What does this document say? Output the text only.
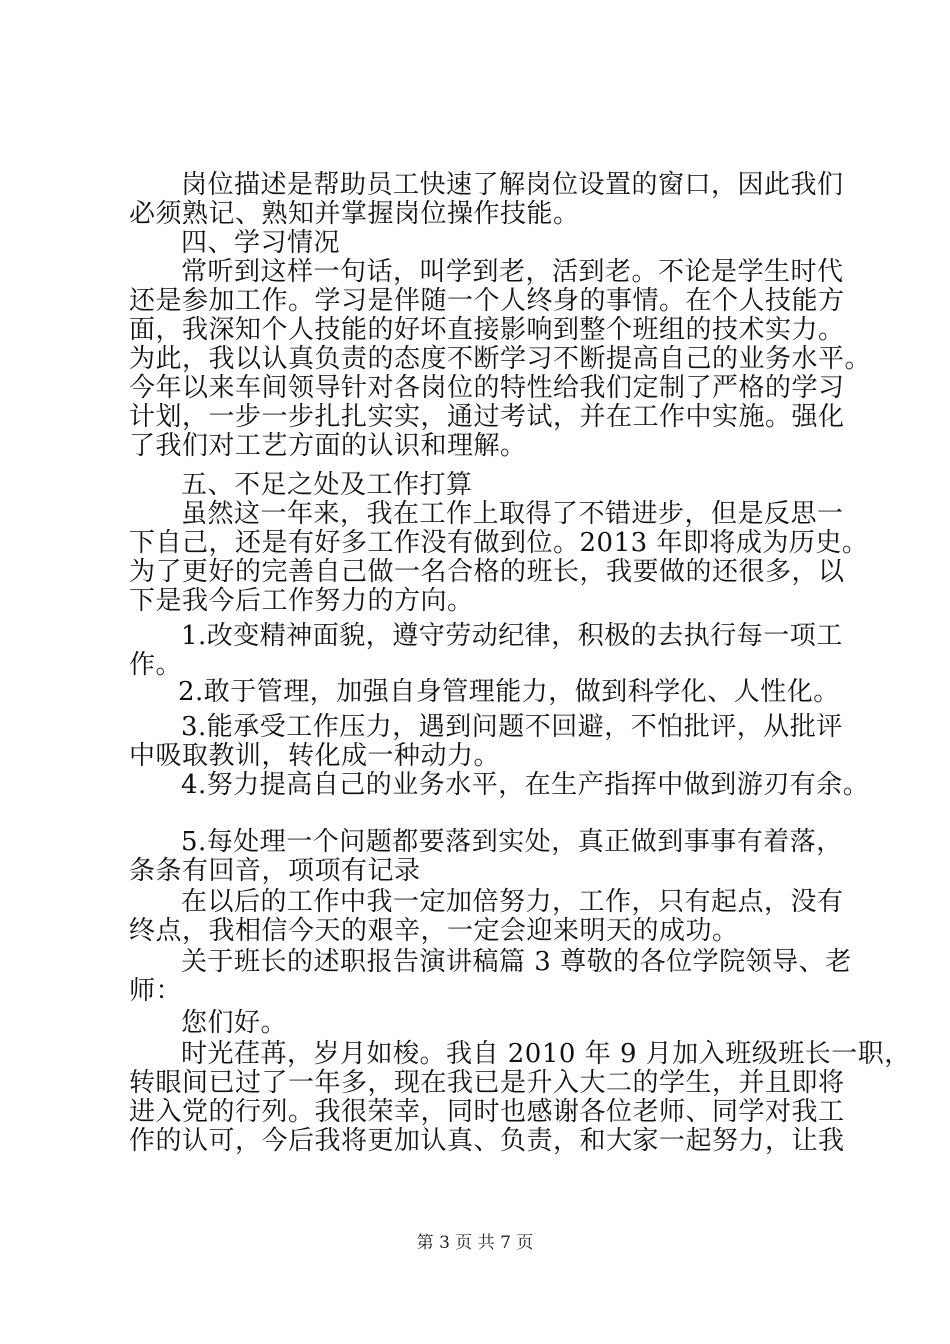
岗位描述是帮助员工快速了解岗位设置的窗口，因此我们
必须熟记、熟知并掌握岗位操作技能。
四、学习情况
常听到这样一句话，叫学到老，活到老。不论是学生时代
还是参加工作。学习是伴随一个人终身的事情。在个人技能方
面，我深知个人技能的好坏直接影响到整个班组的技术实力。
为此，我以认真负责的态度不断学习不断提高自己的业务水平。
今年以来车间领导针对各岗位的特性给我们定制了严格的学习
计划，一步一步扎扎实实，通过考试，并在工作中实施。强化
了我们对工艺方面的认识和理解。
五、不足之处及工作打算
虽然这一年来，我在工作上取得了不错进步，但是反思一
下自己，还是有好多工作没有做到位。2013 年即将成为历史。
为了更好的完善自己做一名合格的班长，我要做的还很多，以
下是我今后工作努力的方向。
1.改变精神面貌，遵守劳动纪律，积极的去执行每一项工
作。
2.敢于管理，加强自身管理能力，做到科学化、人性化。
3.能承受工作压力，遇到问题不回避，不怕批评，从批评
中吸取教训，转化成一种动力。
4.努力提高自己的业务水平，在生产指挥中做到游刃有余。
5.每处理一个问题都要落到实处，真正做到事事有着落，
条条有回音，项项有记录
在以后的工作中我一定加倍努力，工作，只有起点，没有
终点，我相信今天的艰辛，一定会迎来明天的成功。
关于班长的述职报告演讲稿篇 3 尊敬的各位学院领导、老
师：
您们好。
时光荏苒，岁月如梭。我自 2010 年 9 月加入班级班长一职，
转眼间已过了一年多，现在我已是升入大二的学生，并且即将
进入党的行列。我很荣幸，同时也感谢各位老师、同学对我工
作的认可，今后我将更加认真、负责，和大家一起努力，让我
第 3 页 共 7 页
